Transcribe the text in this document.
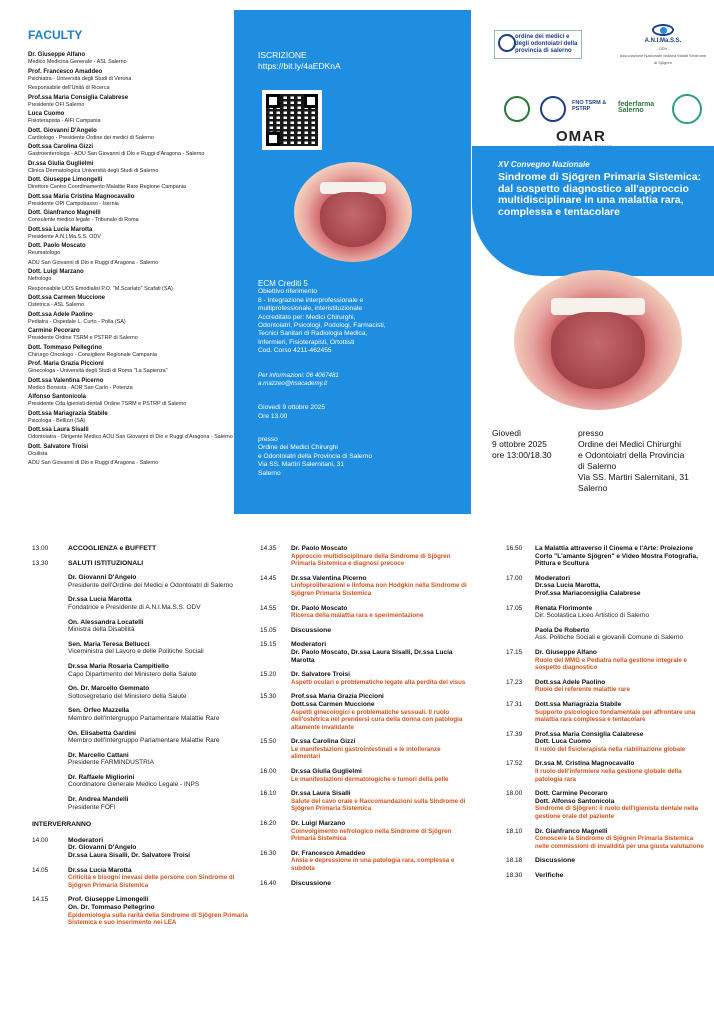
FACULTY
Dr. Giuseppe Alfano
Medico Medicina Generale - ASL Salerno
Prof. Francesco Amaddeo
Psichiatra - Università degli Studi di Verona
Responsabile dell'Unità di Ricerca
Prof.ssa Maria Consiglia Calabrese
Presidente OFI Salerno
Luca Cuomo
Fisioterapista - AIFI Campania
Dott. Giovanni D'Angelo
Cardiologo - Presidente Ordine dei medici di Salerno
Dott.ssa Carolina Gizzi
Gastroenterologa - AOU San Giovanni di Dio e Ruggi d'Aragona - Salerno
Dr.ssa Giulia Guglielmi
Clinica Dermatologica Università degli Studi di Salerno
Dott. Giuseppe Limongelli
Direttore Centro Coordinamento Malattie Rare Regione Campania
Dott.ssa Maria Cristina Magnocavallo
Presidente OPI Campobasso - Isernia
Dott. Gianfranco Magnelli
Consulente medico legale - Tribunale di Roma
Dott.ssa Lucia Marotta
Presidente A.N.I.Ma.S.S. ODV
Dott. Paolo Moscato
Reumatologo
AOU San Giovanni di Dio e Ruggi d'Aragona - Salerno
Dott. Luigi Marzano
Nefrologo
Responsabile UOS Emodialisi P.O. "M.Scarlato" Scafati (SA)
Dott.ssa Carmen Muccione
Ostetrica - ASL Salerno
Dott.ssa Adele Paolino
Pediatra - Ospedale L. Curto - Polla (SA)
Carmine Pecoraro
Presidente Ordine TSRM e PSTRP di Salerno
Dott. Tommaso Pellegrino
Chirurgo Oncologo - Consigliere Regionale Campania
Prof. Maria Grazia Piccioni
Ginecologa - Università degli Studi di Roma "La Sapienza"
Dott.ssa Valentina Picerno
Medico Borsista - AOR San Carlo - Potenza
Alfonso Santonicola
Presidente Cda Igienisti dentali Ordine TSRM e PSTRP di Salerno
Dott.ssa Mariagrazia Stabile
Psicologa - Bellizzi (SA)
Dott.ssa Laura Sisalli
Odontoiatra - Dirigente Medico AOU San Giovanni di Dio e Ruggi d'Aragona - Salerno
Dott. Salvatore Troisi
Oculista
AOU San Giovanni di Dio e Ruggi d'Aragona - Salerno
ISCRIZIONE
https://bit.ly/4aEDKnA
ECM Crediti 5
Obiettivo riferimento
8 - Integrazione interprofessionale e
multiprofessionale, interistituzionale
Accreditato per: Medici Chirurghi,
Odontoiatri, Psicologi, Podologi, Farmacisti,
Tecnici Sanitari di Radiologia Medica,
Infermieri, Fisioterapisti, Ortottisti
Cod. Corso 4211-462455
Per informazioni: 06 4067481
a.mazzeo@hsacademy.it
Giovedì 9 ottobre 2025
Ore 13.00
presso
Ordine dei Medici Chirurghi
e Odontoiatri della Provincia di Salerno
Via SS. Martiri Salernitani, 31
Salerno
ordine dei medici e degli odontoiatri della provincia di salerno
A.N.I.Ma.S.S.
- ODV -
Associazione Nazionale Italiana Malati Sindrome di Sjögren
FNO TSRM & PSTRP
federfarma Salerno
OMAR
XV Convegno Nazionale
Sindrome di Sjögren Primaria Sistemica: dal sospetto diagnostico all'approccio multidisciplinare in una malattia rara, complessa e tentacolare
Giovedì
9 ottobre 2025
ore 13:00/18.30
presso
Ordine dei Medici Chirurghi
e Odontoiatri della Provincia
di Salerno
Via SS. Martiri Salernitani, 31
Salerno
13.00	ACCOGLIENZA e BUFFETT
13.30	SALUTI ISTITUZIONALI
Dr. Giovanni D'Angelo
Presidente dell'Ordine dei Medici e Odontoiatri di Salerno
Dr.ssa Lucia Marotta
Fondatrice e Presidente di A.N.I.Ma.S.S. ODV
On. Alessandra Locatelli
Ministra della Disabilità
Sen. Maria Teresa Bellucci
Viceministra del Lavoro e delle Politiche Sociali
Dr.ssa Maria Rosaria Campitiello
Capo Dipartimento del Ministero della Salute
On. Dr. Marcello Gemmato
Sottosegretario del Ministero della Salute
Sen. Orfeo Mazzella
Membro dell'Intergruppo Parlamentare Malattie Rare
On. Elisabetta Gardini
Membro dell'Intergruppo Parlamentare Malattie Rare
Dr. Marcello Cattani
Presidente FARMINDUSTRIA
Dr. Raffaele Migliorini
Coordinatore Generale Medico Legale - INPS
Dr. Andrea Mandelli
Presidente FOFI
INTERVERRANNO
14.00	Moderatori
Dr. Giovanni D'Angelo
Dr.ssa Laura Sisalli, Dr. Salvatore Troisi
14.05	Dr.ssa Lucia Marotta
Criticità e bisogni inevasi delle persone con Sindrome di Sjögren Primaria Sistemica
14.15	Prof. Giuseppe Limongelli
On. Dr. Tommaso Pellegrino
Epidemiologia sulla rarità della Sindrome di Sjögren Primaria Sistemica e suo inserimento nei LEA
14.35 Dr. Paolo Moscato
Approccio multidisciplinare della Sindrome di Sjögren Primaria Sistemica e diagnosi precoce
14.45 Dr.ssa Valentina Picerno
Linfoproliferazioni e linfoma non Hodgkin nella Sindrome di Sjögren Primaria Sistemica
14.55 Dr. Paolo Moscato
Ricerca della malattia rara e sperimentazione
15.05 Discussione
15.15 Moderatori
Dr. Paolo Moscato, Dr.ssa Laura Sisalli, Dr.ssa Lucia Marotta
15.20 Dr. Salvatore Troisi
Aspetti oculari e problematiche legate alla perdita del visus
15.30 Prof.ssa Maria Grazia Piccioni
Dott.ssa Carmen Muccione
Aspetti ginecologici e problematiche sessuali. Il ruolo dell'ostetrica nel prendersi cura della donna con patologia altamente invalidante
15.50 Dr.ssa Carolina Gizzi
Le manifestazioni gastrointestinali e le intolleranze alimentari
16.00 Dr.ssa Giulia Guglielmi
Le manifestazioni dermatologiche e tumori della pelle
16.10 Dr.ssa Laura Sisalli
Salute del cavo orale e Raccomandazioni sulla Sindrome di Sjögren Primaria Sistemica
16.20 Dr. Luigi Marzano
Coinvolgimento nefrologico nella Sindrome di Sjögren Primaria Sistemica
16.30 Dr. Francesco Amaddeo
Ansia e depressione in una patologia rara, complessa e subdola
16.40 Discussione
16.50 La Malattia attraverso il Cinema e l'Arte: Proiezione Corto "L'amante Sjögren" e Video Mostra Fotografia, Pittura e Scultura
17.00 Moderatori
Dr.ssa Lucia Marotta,
Prof.ssa Mariaconsiglia Calabrese
17.05 Renata Florimonte
Dir. Scolastica Liceo Artistico di Salerno
Paola De Roberto
Ass. Politiche Sociali e giovanili Comune di Salerno
17.15 Dr. Giuseppe Alfano
Ruolo del MMG e Pediatra nella gestione integrale e sospetto diagnostico
17.23 Dott.ssa Adele Paolino
Ruolo del referente malattie rare
17.31 Dott.ssa Mariagrazia Stabile
Supporto psicologico fondamentale per affrontare una malattia rara complessa e tentacolare
17.39 Prof.ssa Maria Consiglia Calabrese
Dott. Luca Cuomo
Il ruolo del fisioterapista nella riabilitazione globale
17.52 Dr.ssa M. Cristina Magnocavallo
Il ruolo dell'infermiere nella gestione globale della patologia rara
18.00 Dott. Carmine Pecoraro
Dott. Alfonso Santonicola
Sindrome di Sjögren: il ruolo dell'igienista dentale nella gestione orale del paziente
18.10 Dr. Gianfranco Magnelli
Conoscere la Sindrome di Sjögren Primaria Sistemica nelle commissioni di invalidità per una giusta valutazione
18.18 Discussione
18.30 Verifiche
